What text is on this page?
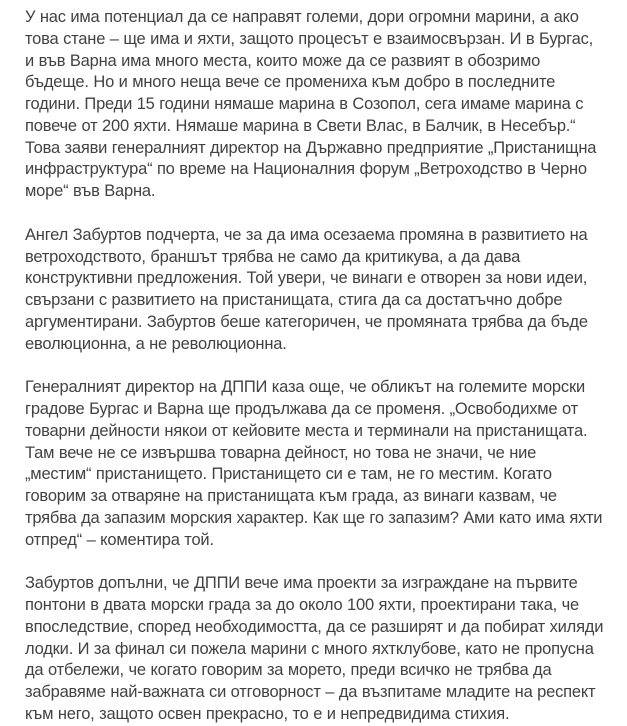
У нас има потенциал да се направят големи, дори огромни марини, а ако това стане – ще има и яхти, защото процесът е взаимосвързан. И в Бургас, и във Варна има много места, които може да се развият в обозримо бъдеще. Но и много неща вече се промениха към добро в последните години. Преди 15 години нямаше марина в Созопол, сега имаме марина с повече от 200 яхти. Нямаше марина в Свети Влас, в Балчик, в Несебър.“ Това заяви генералният директор на Държавно предприятие „Пристанищна инфраструктура“ по време на Националния форум „Ветроходство в Черно море“ във Варна.

Ангел Забуртов подчерта, че за да има осезаема промяна в развитието на ветроходството, браншът трябва не само да критикува, а да дава конструктивни предложения. Той увери, че винаги е отворен за нови идеи, свързани с развитието на пристанищата, стига да са достатъчно добре аргументирани. Забуртов беше категоричен, че промяната трябва да бъде еволюционна, а не революционна.

Генералният директор на ДППИ каза още, че обликът на големите морски градове Бургас и Варна ще продължава да се променя. „Освободихме от товарни дейности някои от кейовите места и терминали на пристанищата. Там вече не се извършва товарна дейност, но това не значи, че ние „местим“ пристанището. Пристанището си е там, не го местим. Когато говорим за отваряне на пристанищата към града, аз винаги казвам, че трябва да запазим морския характер. Как ще го запазим? Ами като има яхти отпред“ – коментира той.

Забуртов допълни, че ДППИ вече има проекти за изграждане на първите понтони в двата морски града за до около 100 яхти, проектирани така, че впоследствие, според необходимостта, да се разширят и да побират хиляди лодки. И за финал си пожела марини с много яхтклубове, като не пропусна да отбележи, че когато говорим за морето, преди всичко не трябва да забравяме най-важната си отговорност – да възпитаме младите на респект към него, защото освен прекрасно, то е и непредвидима стихия.
